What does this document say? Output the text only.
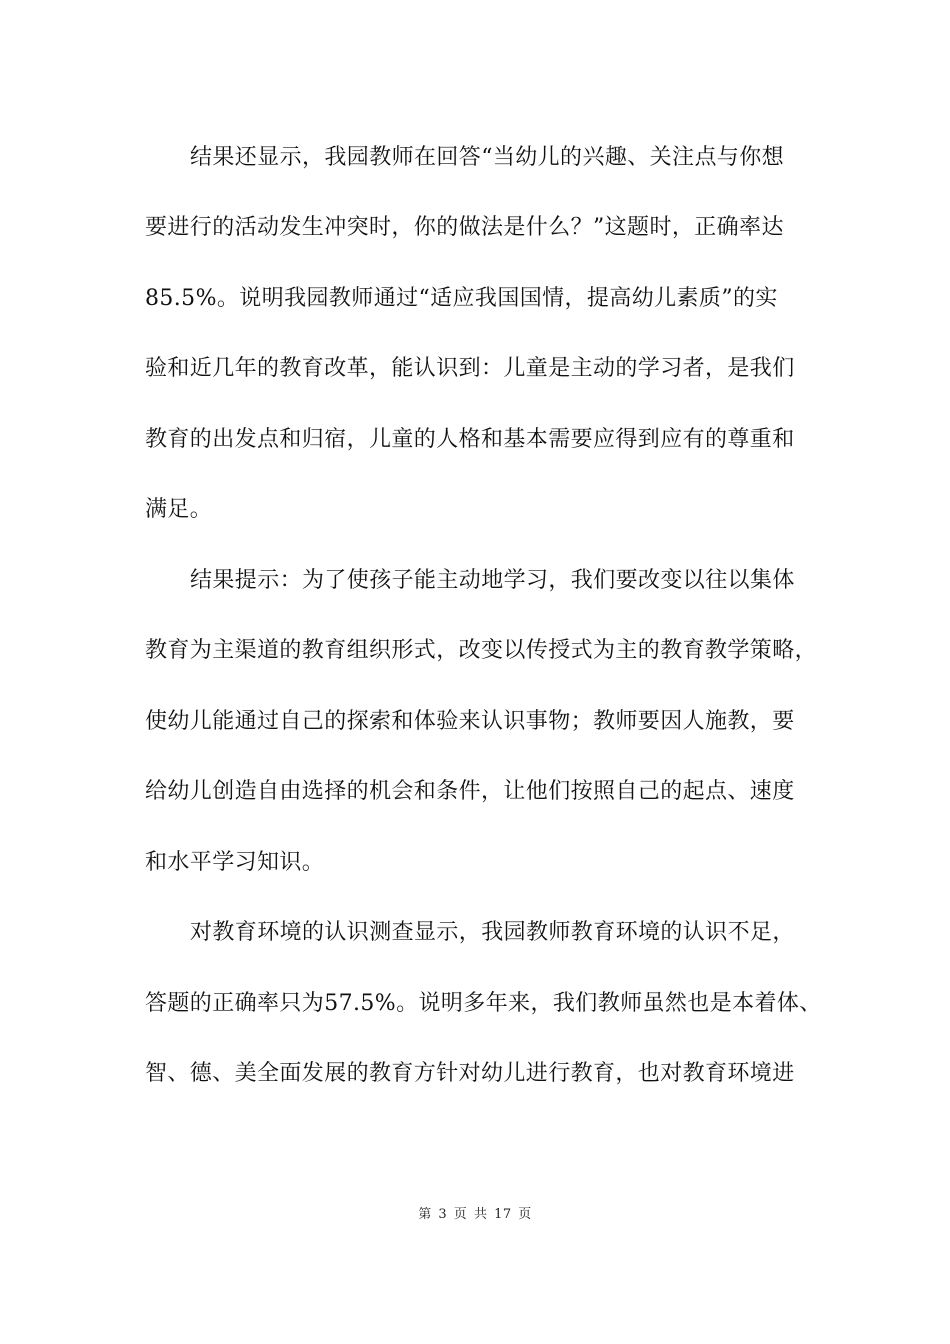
结果还显示，我园教师在回答“当幼儿的兴趣、关注点与你想
要进行的活动发生冲突时，你的做法是什么？”这题时，正确率达
85.5%。说明我园教师通过“适应我国国情，提高幼儿素质”的实
验和近几年的教育改革，能认识到：儿童是主动的学习者，是我们
教育的出发点和归宿，儿童的人格和基本需要应得到应有的尊重和
满足。
结果提示：为了使孩子能主动地学习，我们要改变以往以集体
教育为主渠道的教育组织形式，改变以传授式为主的教育教学策略，
使幼儿能通过自己的探索和体验来认识事物；教师要因人施教，要
给幼儿创造自由选择的机会和条件，让他们按照自己的起点、速度
和水平学习知识。
对教育环境的认识测查显示，我园教师教育环境的认识不足，
答题的正确率只为57.5%。说明多年来，我们教师虽然也是本着体、
智、德、美全面发展的教育方针对幼儿进行教育，也对教育环境进
第 3 页 共 17 页
